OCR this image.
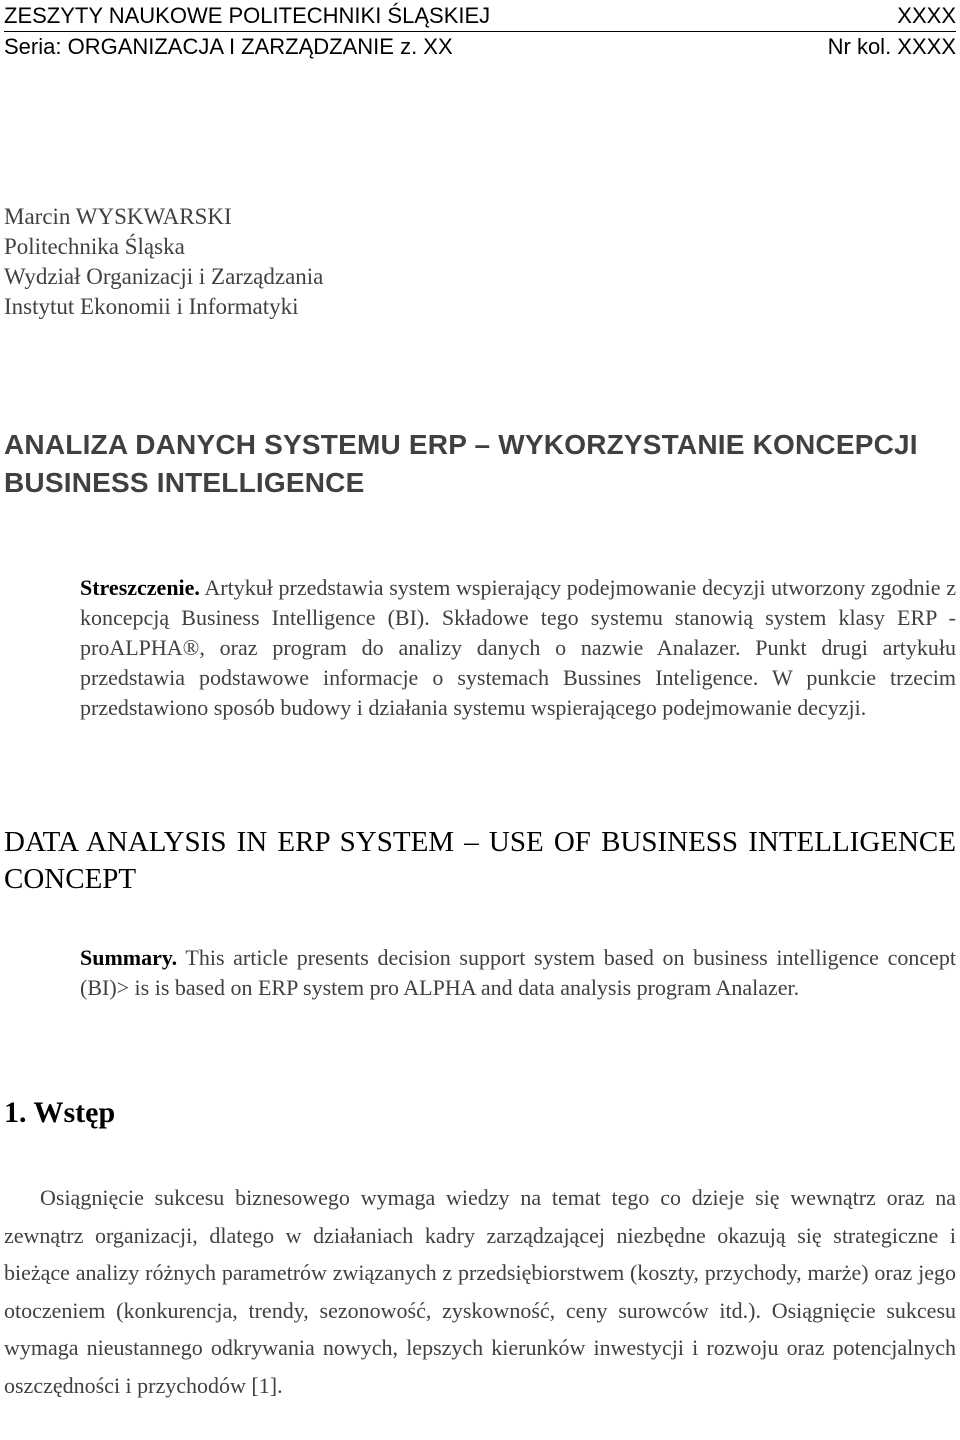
ZESZYTY NAUKOWE POLITECHNIKI ŚLĄSKIEJ	XXXX
Seria: ORGANIZACJA I ZARZĄDZANIE z. XX	Nr kol. XXXX
Marcin WYSKWARSKI
Politechnika Śląska
Wydział Organizacji i Zarządzania
Instytut Ekonomii i Informatyki
ANALIZA DANYCH SYSTEMU ERP – WYKORZYSTANIE KONCEPCJI BUSINESS INTELLIGENCE
Streszczenie. Artykuł przedstawia system wspierający podejmowanie decyzji utworzony zgodnie z koncepcją Business Intelligence (BI). Składowe tego systemu stanowią system klasy ERP - proALPHA®, oraz program do analizy danych o nazwie Analazer. Punkt drugi artykułu przedstawia podstawowe informacje o systemach Bussines Inteligence. W punkcie trzecim przedstawiono sposób budowy i działania systemu wspierającego podejmowanie decyzji.
DATA ANALYSIS IN ERP SYSTEM – USE OF BUSINESS INTELLIGENCE CONCEPT
Summary. This article presents decision support system based on business intelligence concept (BI)> is is based on ERP system pro ALPHA and data analysis program Analazer.
1. Wstęp
Osiągnięcie sukcesu biznesowego wymaga wiedzy na temat tego co dzieje się wewnątrz oraz na zewnątrz organizacji, dlatego w działaniach kadry zarządzającej niezbędne okazują się strategiczne i bieżące analizy różnych parametrów związanych z przedsiębiorstwem (koszty, przychody, marże) oraz jego otoczeniem (konkurencja, trendy, sezonowość, zyskowność, ceny surowców itd.). Osiągnięcie sukcesu wymaga nieustannego odkrywania nowych, lepszych kierunków inwestycji i rozwoju oraz potencjalnych oszczędności i przychodów [1].
